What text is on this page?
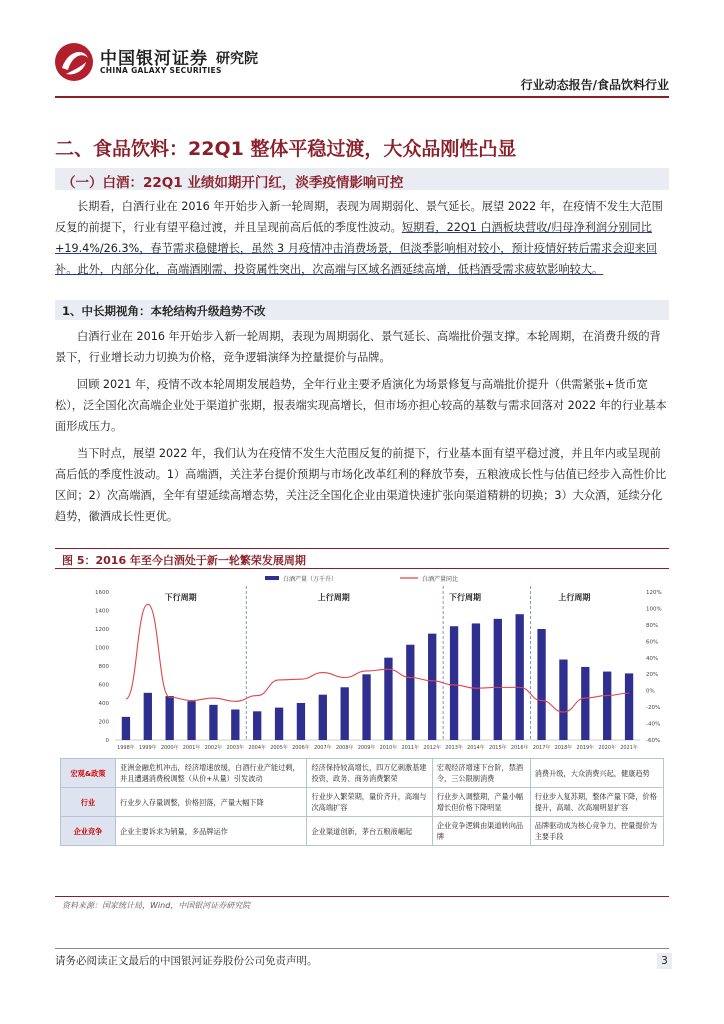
中国银河证券
CHINA GALAXY SECURITIES
研究院
行业动态报告/食品饮料行业
二、食品饮料：22Q1 整体平稳过渡，大众品刚性凸显
（一）白酒：22Q1 业绩如期开门红，淡季疫情影响可控
长期看，白酒行业在 2016 年开始步入新一轮周期，表现为周期弱化、景气延长。展望 2022 年，在疫情不发生大范围反复的前提下，行业有望平稳过渡，并且呈现前高后低的季度性波动。短期看，22Q1 白酒板块营收/归母净利润分别同比+19.4%/26.3%，春节需求稳健增长，虽然 3 月疫情冲击消费场景，但淡季影响相对较小，预计疫情好转后需求会迎来回补。此外，内部分化，高端酒刚需、投资属性突出，次高端与区域名酒延续高增，低档酒受需求疲软影响较大。
1、中长期视角：本轮结构升级趋势不改
白酒行业在 2016 年开始步入新一轮周期，表现为周期弱化、景气延长、高端批价强支撑。本轮周期，在消费升级的背景下，行业增长动力切换为价格，竞争逻辑演绎为控量提价与品牌。
回顾 2021 年，疫情不改本轮周期发展趋势，全年行业主要矛盾演化为场景修复与高端批价提升（供需紧张+货币宽松），泛全国化次高端企业处于渠道扩张期，报表端实现高增长，但市场亦担心较高的基数与需求回落对 2022 年的行业基本面形成压力。
当下时点，展望 2022 年，我们认为在疫情不发生大范围反复的前提下，行业基本面有望平稳过渡，并且年内或呈现前高后低的季度性波动。1）高端酒，关注茅台提价预期与市场化改革红利的释放节奏，五粮液成长性与估值已经步入高性价比区间；2）次高端酒，全年有望延续高增态势，关注泛全国化企业由渠道快速扩张向渠道精耕的切换；3）大众酒，延续分化趋势，徽酒成长性更优。
图 5：2016 年至今白酒处于新一轮繁荣发展周期
白酒产量（万千升）	白酒产量同比
0
200
400
600
800
1000
1200
1400
1600
-60%
-40%
-20%
0%
20%
40%
60%
80%
100%
120%
1998年 1999年 2000年 2001年 2002年 2003年 2004年 2005年 2006年 2007年 2008年 2009年 2010年 2011年 2012年 2013年 2014年 2015年 2016年 2017年 2018年 2019年 2020年 2021年
下行周期	上行周期	下行周期	上行周期
宏观&政策	亚洲金融危机冲击，经济增速放缓，白酒行业产能过剩，并且遭遇消费税调整（从价+从量）引发波动	经济保持较高增长，四万亿刺激基建投资，政务、商务消费繁荣	宏观经济增速下台阶，禁酒令，三公限制消费	消费升级，大众消费兴起，健康趋势
行业	行业步入存量调整，价格回落，产量大幅下降	行业步入繁荣期，量价齐升，高端与次高端扩容	行业步入调整期，产量小幅增长但价格下降明显	行业步入复苏期，整体产量下降，价格提升，高端、次高端明显扩容
企业竞争	企业主要诉求为销量，多品牌运作	企业渠道创新，茅台五粮液崛起	企业竞争逻辑由渠道转向品牌	品牌驱动成为核心竞争力，控量提价为主要手段
资料来源：国家统计局，Wind，中国银河证券研究院
请务必阅读正文最后的中国银河证券股份公司免责声明。	3
